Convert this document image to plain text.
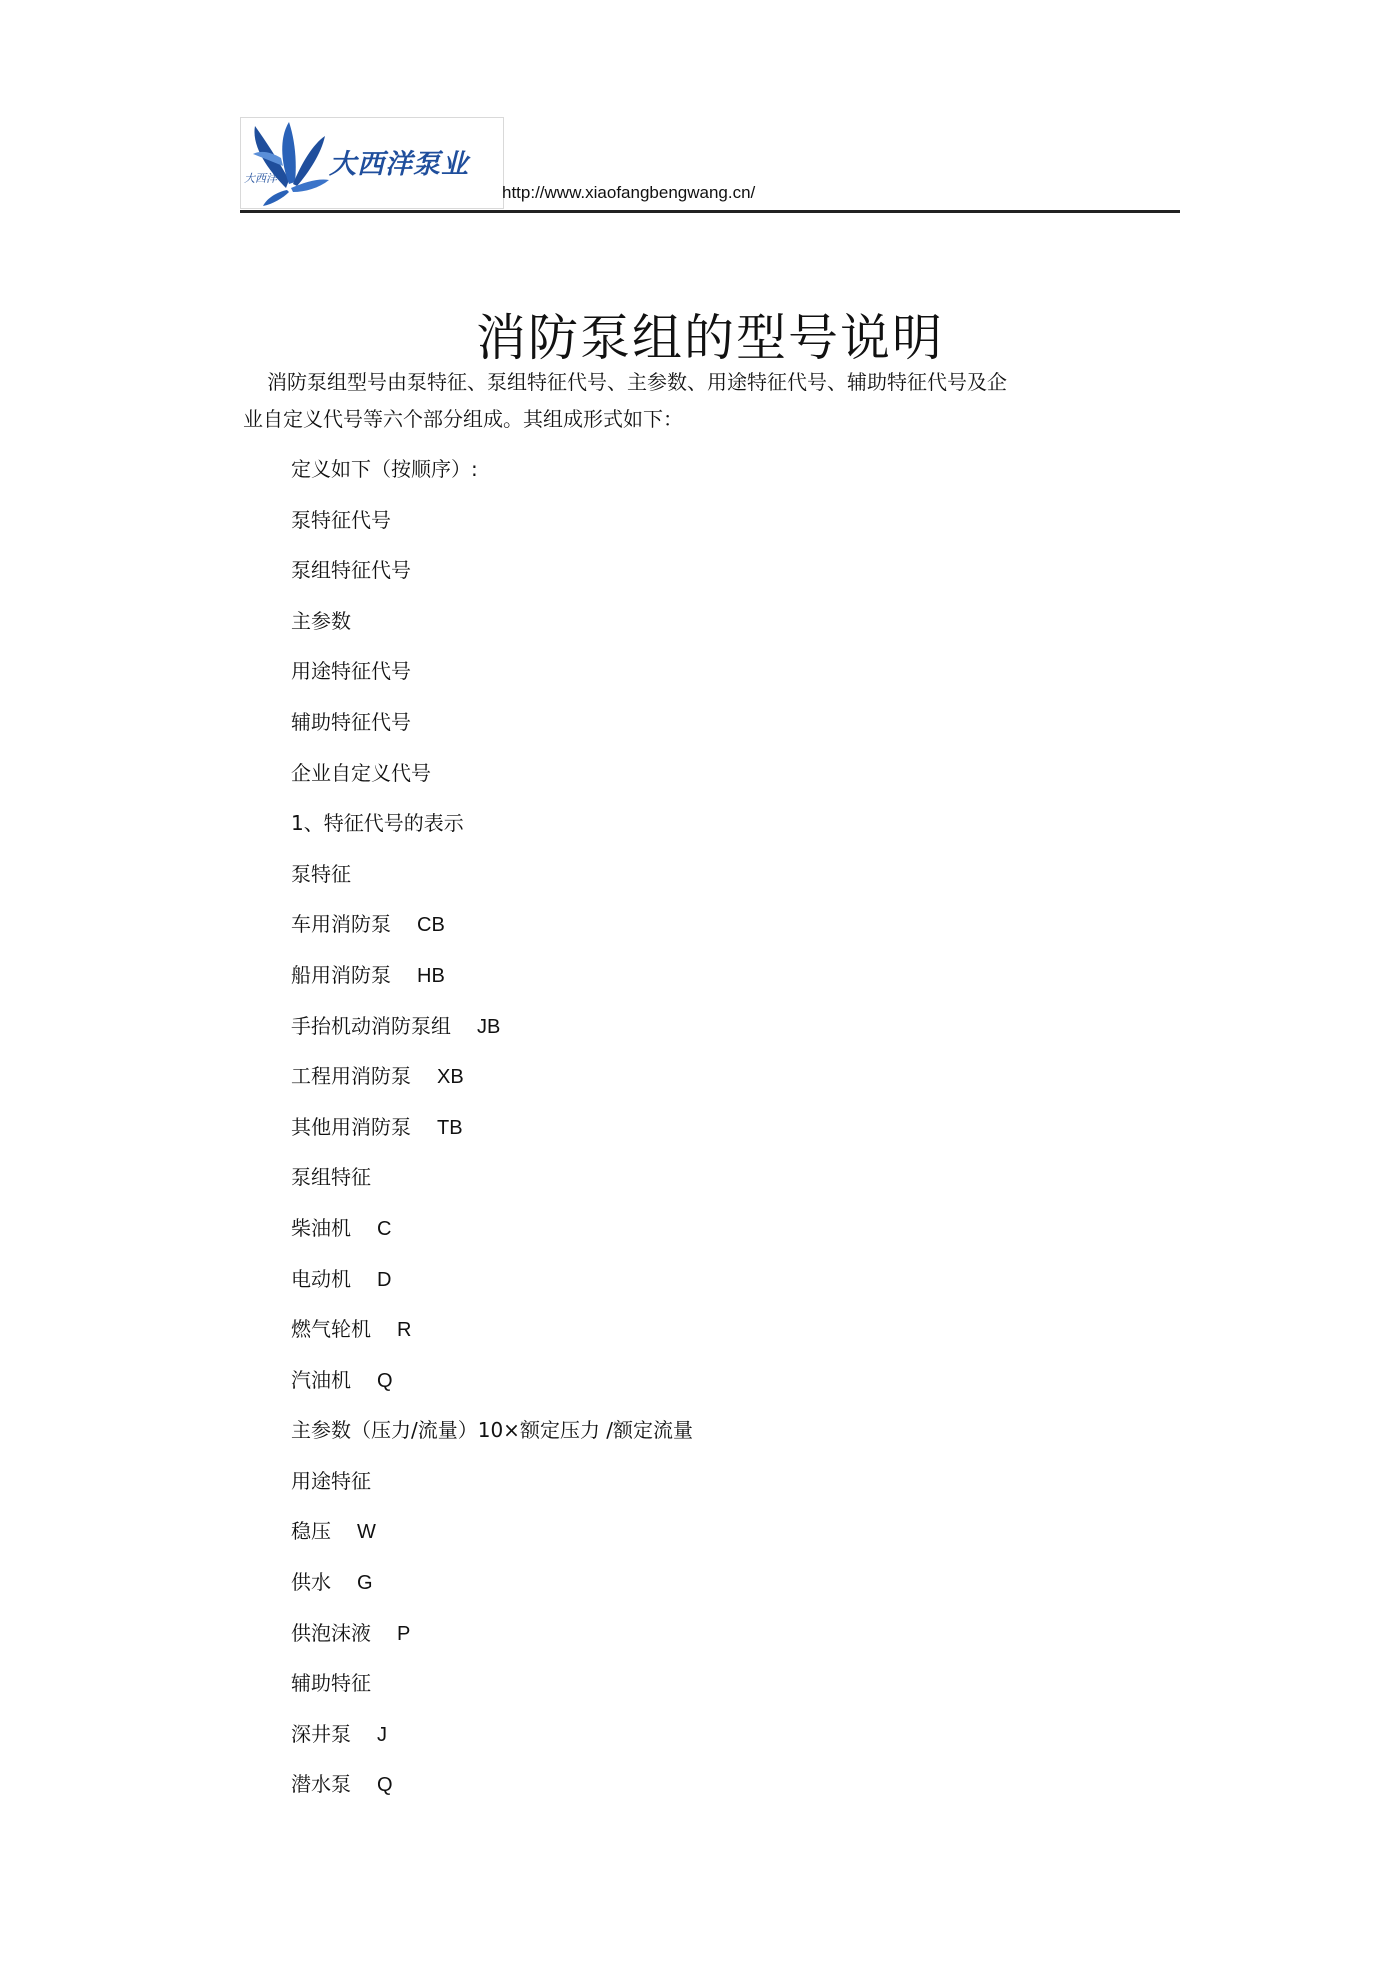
大西洋 大西洋泵业
http://www.xiaofangbengwang.cn/
消防泵组的型号说明
消防泵组型号由泵特征、泵组特征代号、主参数、用途特征代号、辅助特征代号及企
业自定义代号等六个部分组成。其组成形式如下：
定义如下（按顺序）:
泵特征代号
泵组特征代号
主参数
用途特征代号
辅助特征代号
企业自定义代号
1、特征代号的表示
泵特征
车用消防泵 CB
船用消防泵 HB
手抬机动消防泵组 JB
工程用消防泵 XB
其他用消防泵 TB
泵组特征
柴油机 C
电动机 D
燃气轮机 R
汽油机 Q
主参数（压力/流量）10×额定压力 /额定流量
用途特征
稳压 W
供水 G
供泡沫液 P
辅助特征
深井泵 J
潜水泵 Q
